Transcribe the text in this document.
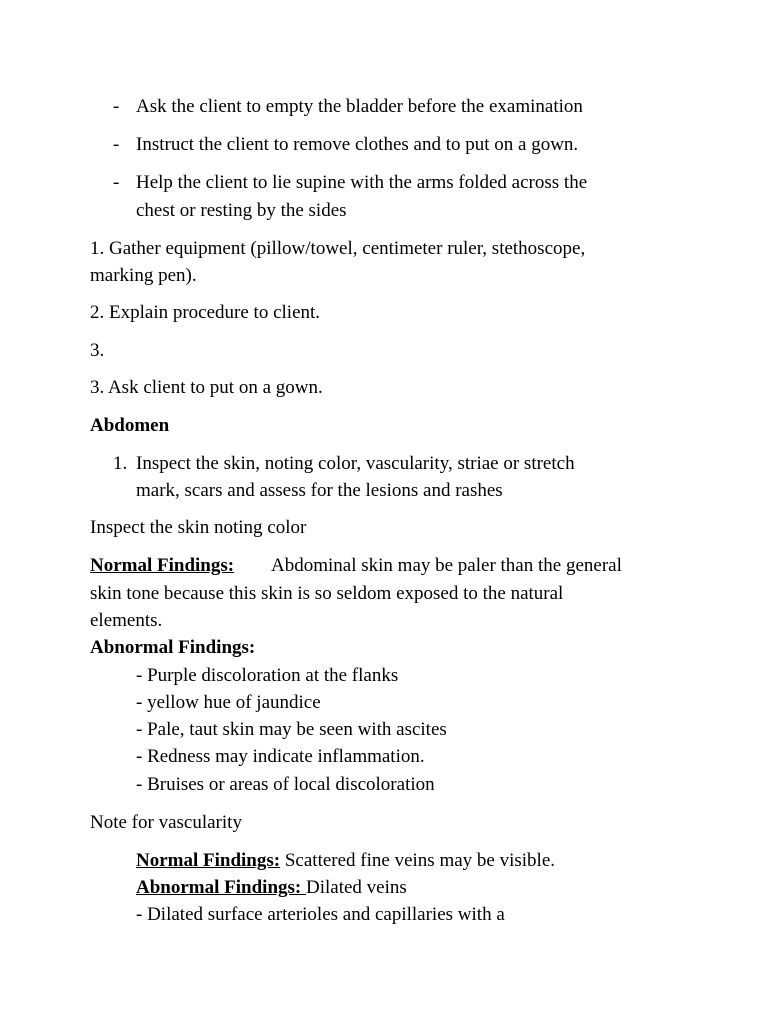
- Ask the client to empty the bladder before the examination
- Instruct the client to remove clothes and to put on a gown.
- Help the client to lie supine with the arms folded across the
chest or resting by the sides
1. Gather equipment (pillow/towel, centimeter ruler, stethoscope,
marking pen).
2. Explain procedure to client.
3.
3. Ask client to put on a gown.
Abdomen
1. Inspect the skin, noting color, vascularity, striae or stretch
mark, scars and assess for the lesions and rashes
Inspect the skin noting color
Normal Findings: Abdominal skin may be paler than the general
skin tone because this skin is so seldom exposed to the natural
elements.
Abnormal Findings:
- Purple discoloration at the flanks
- yellow hue of jaundice
- Pale, taut skin may be seen with ascites
- Redness may indicate inflammation.
- Bruises or areas of local discoloration
Note for vascularity
Normal Findings: Scattered fine veins may be visible.
Abnormal Findings: Dilated veins
- Dilated surface arterioles and capillaries with a
